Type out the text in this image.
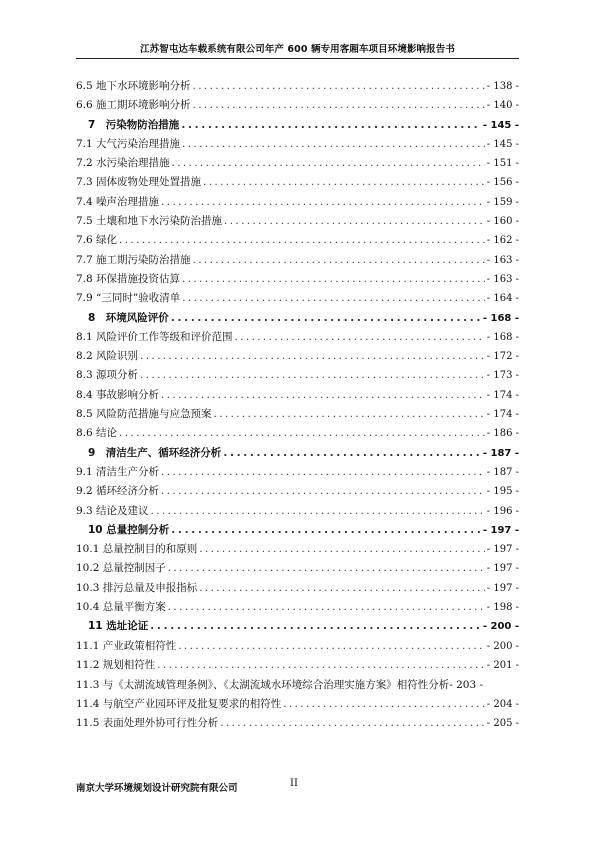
江苏智屯达车载系统有限公司年产 600 辆专用客厢车项目环境影响报告书
6.5 地下水环境影响分析 . . .	- 138 -
6.6 施工期环境影响分析 . . .	- 140 -
7　污染物防治措施 . . .	- 145 -
7.1 大气污染治理措施 . . .	- 145 -
7.2 水污染治理措施 . . .	- 151 -
7.3 固体废物处理处置措施 . . .	- 156 -
7.4 噪声治理措施 . . .	- 159 -
7.5 土壤和地下水污染防治措施 . . .	- 160 -
7.6 绿化 . . .	- 162 -
7.7 施工期污染防治措施 . . .	- 163 -
7.8 环保措施投资估算 . . .	- 163 -
7.9 “三同时”验收清单 . . .	- 164 -
8　环境风险评价 . . .	- 168 -
8.1 风险评价工作等级和评价范围 . . .	- 168 -
8.2 风险识别 . . .	- 172 -
8.3 源项分析 . . .	- 173 -
8.4 事故影响分析 . . .	- 174 -
8.5 风险防范措施与应急预案 . . .	- 174 -
8.6 结论 . . .	- 186 -
9　清洁生产、循环经济分析 . . .	- 187 -
9.1 清洁生产分析 . . .	- 187 -
9.2 循环经济分析 . . .	- 195 -
9.3 结论及建议 . . .	- 196 -
10 总量控制分析 . . .	- 197 -
10.1 总量控制目的和原则 . . .	- 197 -
10.2 总量控制因子 . . .	- 197 -
10.3 排污总量及申报指标 . . .	- 197 -
10.4 总量平衡方案 . . .	- 198 -
11 选址论证 . . .	- 200 -
11.1 产业政策相符性 . . .	- 200 -
11.2 规划相符性 . . .	- 201 -
11.3 与《太湖流域管理条例》、《太湖流域水环境综合治理实施方案》相符性分析- 203 -
11.4 与航空产业园环评及批复要求的相符性 . . .	- 204 -
11.5 表面处理外协可行性分析 . . .	- 205 -
南京大学环境规划设计研究院有限公司	II
